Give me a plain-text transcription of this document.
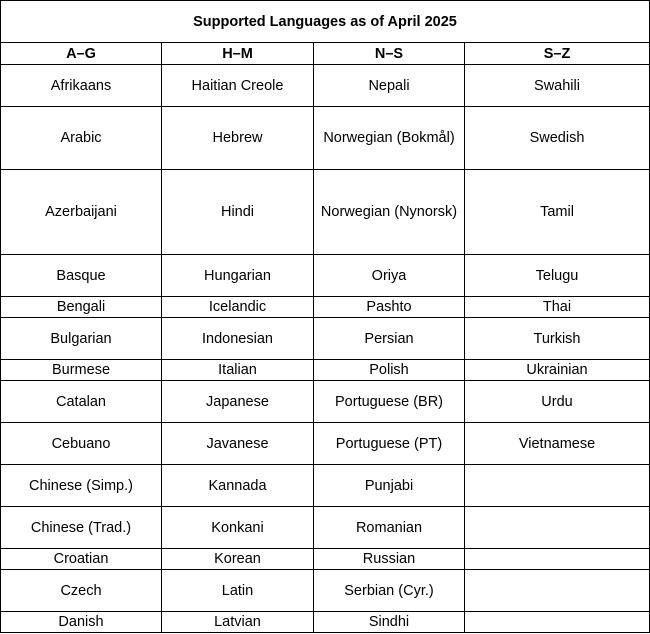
Supported Languages as of April 2025			
A–G	H–M	N–S	S–Z
Afrikaans	Haitian Creole	Nepali	Swahili
Arabic	Hebrew	Norwegian (Bokmål)	Swedish
Azerbaijani	Hindi	Norwegian (Nynorsk)	Tamil
Basque	Hungarian	Oriya	Telugu
Bengali	Icelandic	Pashto	Thai
Bulgarian	Indonesian	Persian	Turkish
Burmese	Italian	Polish	Ukrainian
Catalan	Japanese	Portuguese (BR)	Urdu
Cebuano	Javanese	Portuguese (PT)	Vietnamese
Chinese (Simp.)	Kannada	Punjabi	
Chinese (Trad.)	Konkani	Romanian	
Croatian	Korean	Russian	
Czech	Latin	Serbian (Cyr.)	
Danish	Latvian	Sindhi	
